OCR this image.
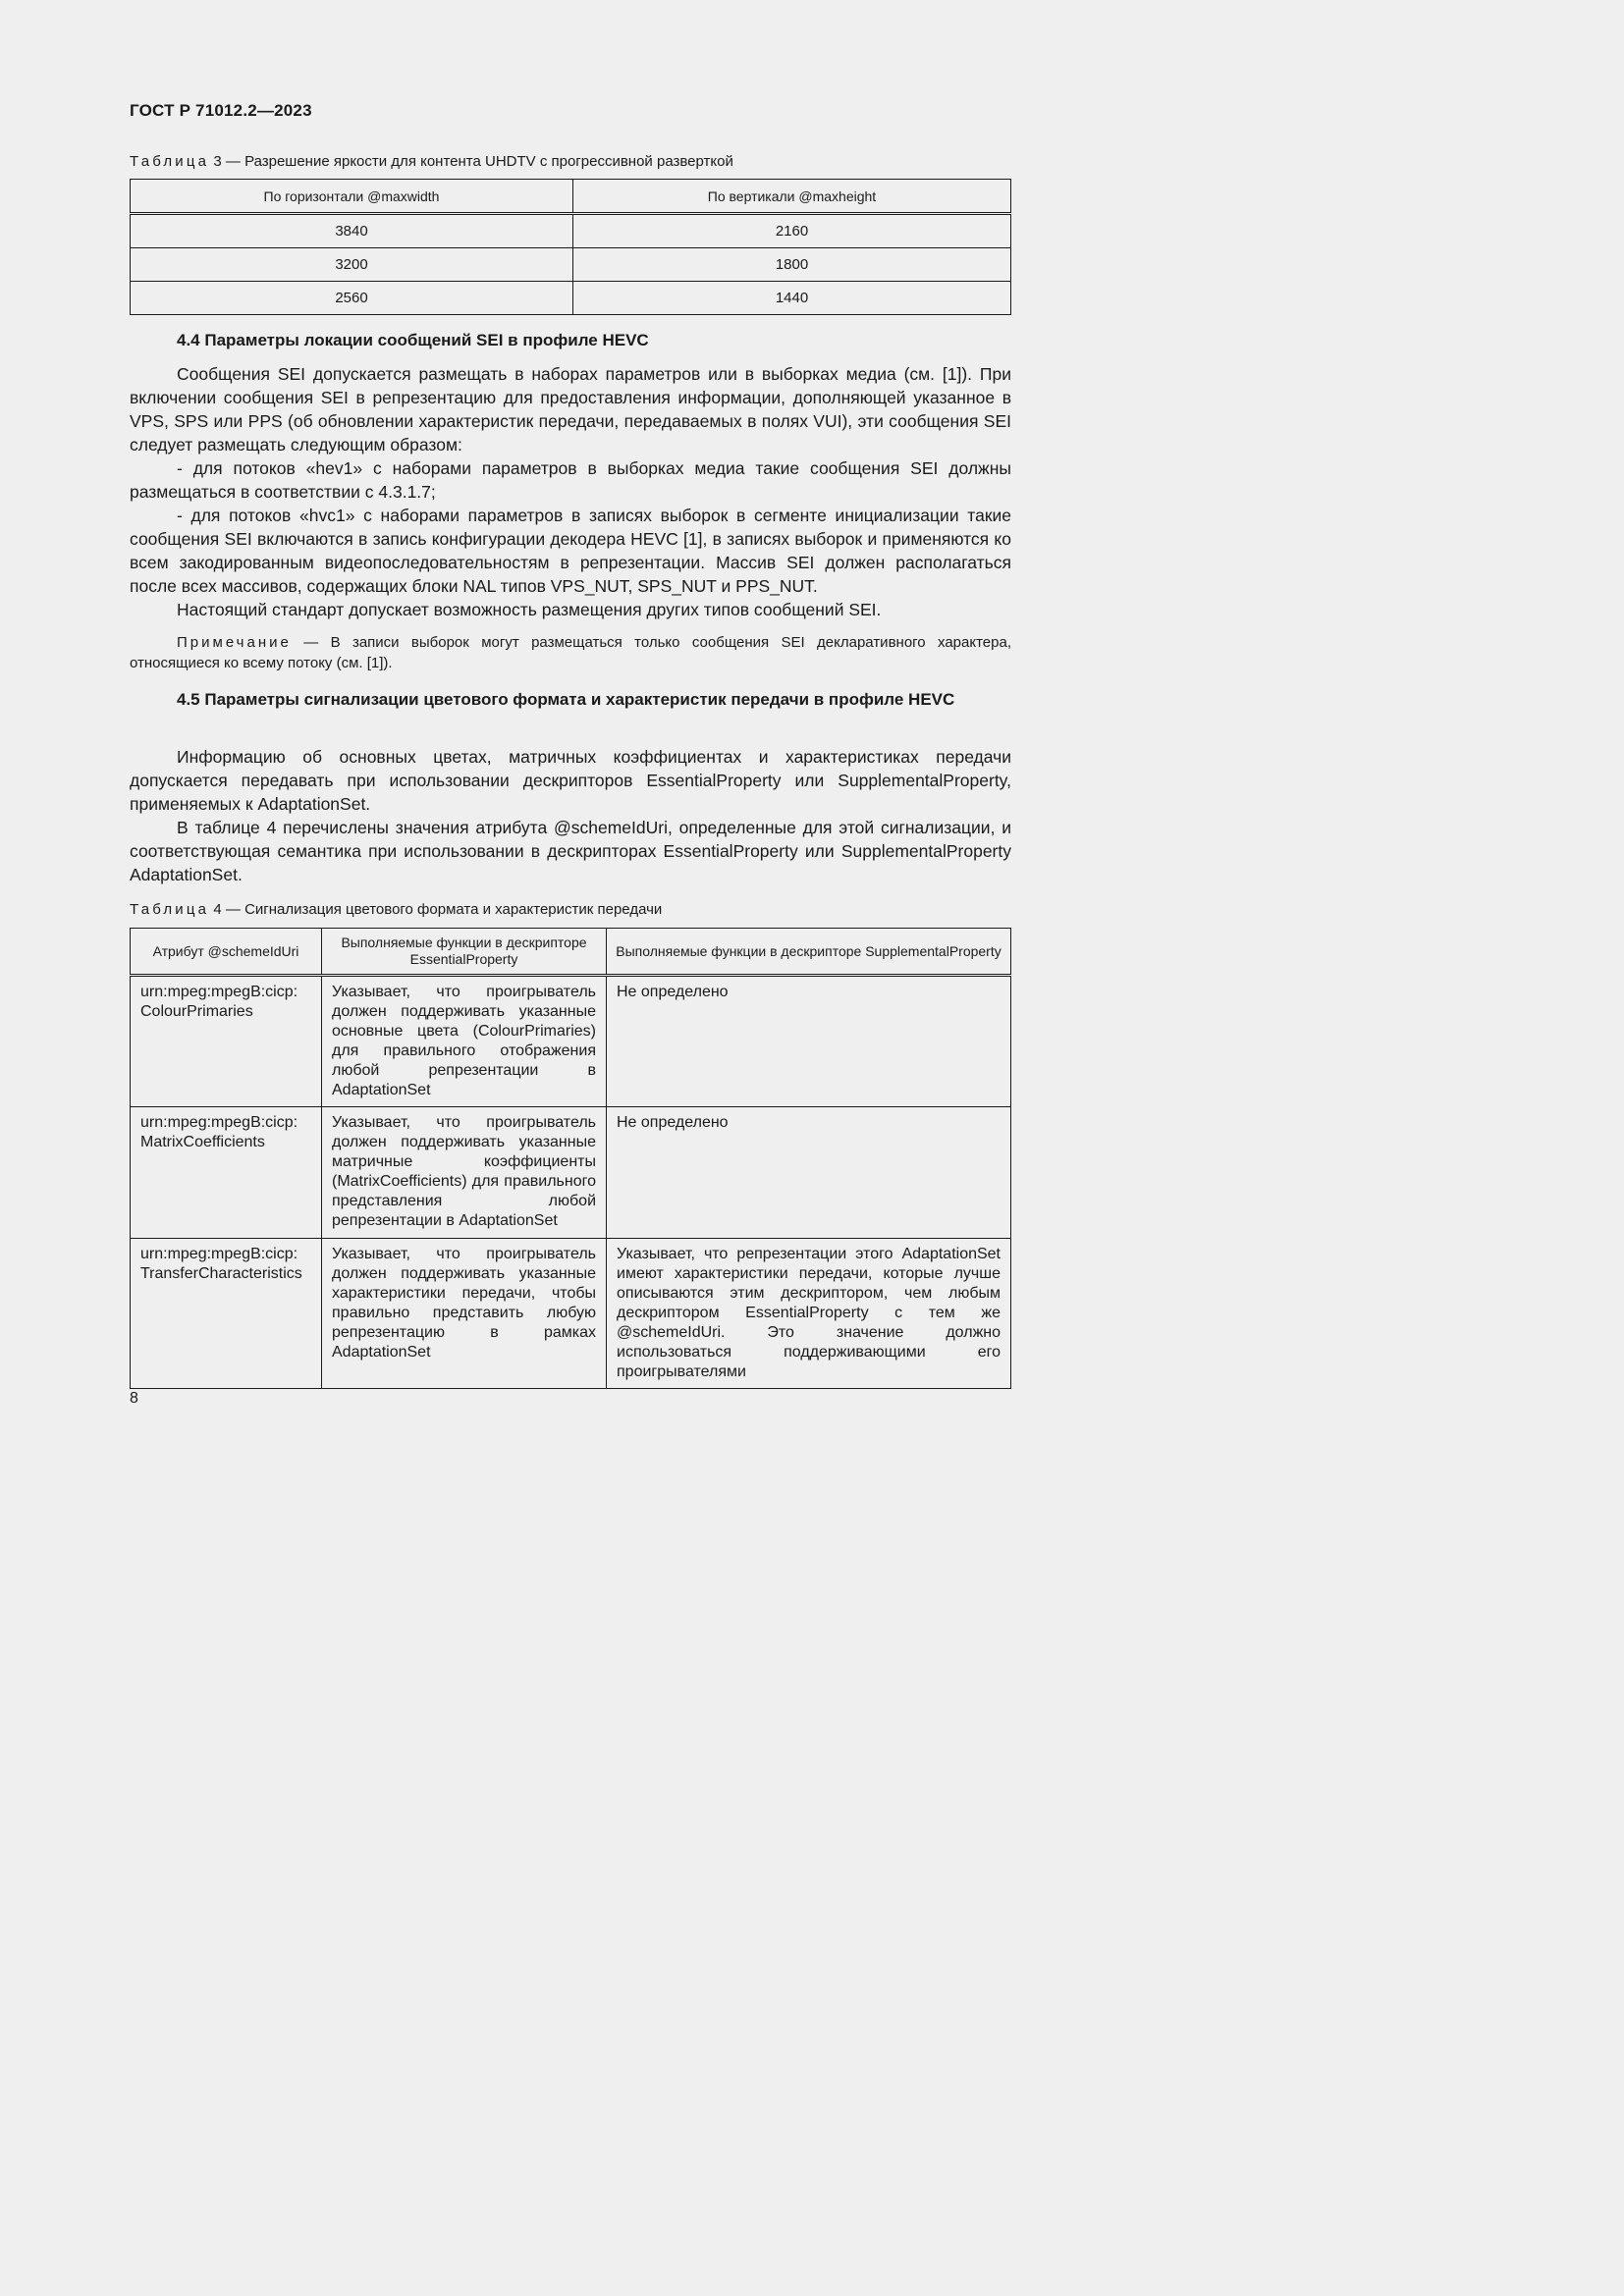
ГОСТ Р 71012.2—2023
Таблица 3 — Разрешение яркости для контента UHDTV с прогрессивной разверткой
По горизонтали @maxwidth	По вертикали @maxheight
3840	2160
3200	1800
2560	1440
4.4 Параметры локации сообщений SEI в профиле HEVC

Сообщения SEI допускается размещать в наборах параметров или в выборках медиа (см. [1]). При включении сообщения SEI в репрезентацию для предоставления информации, дополняющей указанное в VPS, SPS или PPS (об обновлении характеристик передачи, передаваемых в полях VUI), эти сообщения SEI следует размещать следующим образом:

- для потоков «hev1» с наборами параметров в выборках медиа такие сообщения SEI должны размещаться в соответствии с 4.3.1.7;

- для потоков «hvc1» с наборами параметров в записях выборок в сегменте инициализации такие сообщения SEI включаются в запись конфигурации декодера HEVC [1], в записях выборок и применяются ко всем закодированным видеопоследовательностям в репрезентации. Массив SEI должен располагаться после всех массивов, содержащих блоки NAL типов VPS_NUT, SPS_NUT и PPS_NUT.

Настоящий стандарт допускает возможность размещения других типов сообщений SEI.

Примечание — В записи выборок могут размещаться только сообщения SEI декларативного характера, относящиеся ко всему потоку (см. [1]).

4.5 Параметры сигнализации цветового формата и характеристик передачи в профиле HEVC

Информацию об основных цветах, матричных коэффициентах и характеристиках передачи допускается передавать при использовании дескрипторов EssentialProperty или SupplementalProperty, применяемых к AdaptationSet.

В таблице 4 перечислены значения атрибута @schemeIdUri, определенные для этой сигнализации, и соответствующая семантика при использовании в дескрипторах EssentialProperty или SupplementalProperty AdaptationSet.

Таблица 4 — Сигнализация цветового формата и характеристик передачи
Атрибут @schemeIdUri	Выполняемые функции в дескрипторе EssentialProperty	Выполняемые функции в дескрипторе SupplementalProperty
urn:mpeg:mpegB:cicp: ColourPrimaries	Указывает, что проигрыватель должен поддерживать указанные основные цвета (ColourPrimaries) для правильного отображения любой репрезентации в AdaptationSet	Не определено
urn:mpeg:mpegB:cicp: MatrixCoefficients	Указывает, что проигрыватель должен поддерживать указанные матричные коэффициенты (MatrixCoefficients) для правильного представления любой репрезентации в AdaptationSet	Не определено
urn:mpeg:mpegB:cicp: TransferCharacteristics	Указывает, что проигрыватель должен поддерживать указанные характеристики передачи, чтобы правильно представить любую репрезентацию в рамках AdaptationSet	Указывает, что репрезентации этого AdaptationSet имеют характеристики передачи, которые лучше описываются этим дескриптором, чем любым дескриптором EssentialProperty с тем же @schemeIdUri. Это значение должно использоваться поддерживающими его проигрывателями
8
